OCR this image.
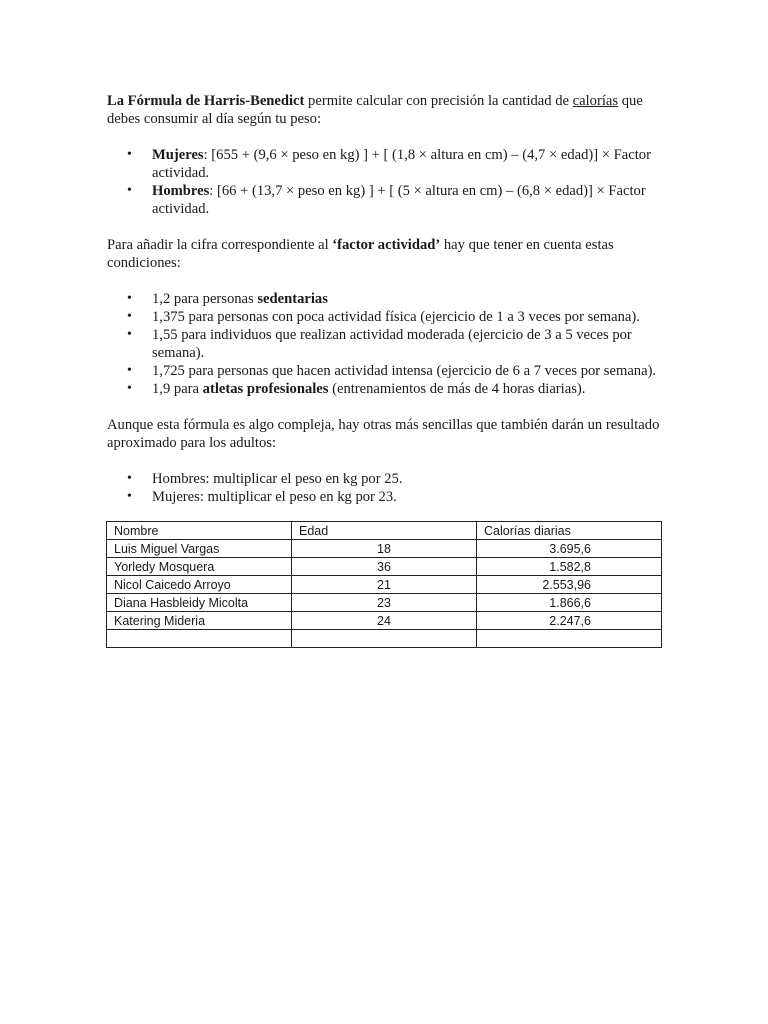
La Fórmula de Harris-Benedict permite calcular con precisión la cantidad de calorías que debes consumir al día según tu peso:

• Mujeres: [655 + (9,6 × peso en kg) ] + [ (1,8 × altura en cm) – (4,7 × edad)] × Factor actividad.
• Hombres: [66 + (13,7 × peso en kg) ] + [ (5 × altura en cm) – (6,8 × edad)] × Factor actividad.

Para añadir la cifra correspondiente al ‘factor actividad’ hay que tener en cuenta estas condiciones:

• 1,2 para personas sedentarias
• 1,375 para personas con poca actividad física (ejercicio de 1 a 3 veces por semana).
• 1,55 para individuos que realizan actividad moderada (ejercicio de 3 a 5 veces por semana).
• 1,725 para personas que hacen actividad intensa (ejercicio de 6 a 7 veces por semana).
• 1,9 para atletas profesionales (entrenamientos de más de 4 horas diarias).

Aunque esta fórmula es algo compleja, hay otras más sencillas que también darán un resultado aproximado para los adultos:

• Hombres: multiplicar el peso en kg por 25.
• Mujeres: multiplicar el peso en kg por 23.
Nombre	Edad	Calorías diarias
Luis Miguel Vargas	18	3.695,6
Yorledy Mosquera	36	1.582,8
Nicol Caicedo Arroyo	21	2.553,96
Diana Hasbleidy Micolta	23	1.866,6
Katering Mideria	24	2.247,6
